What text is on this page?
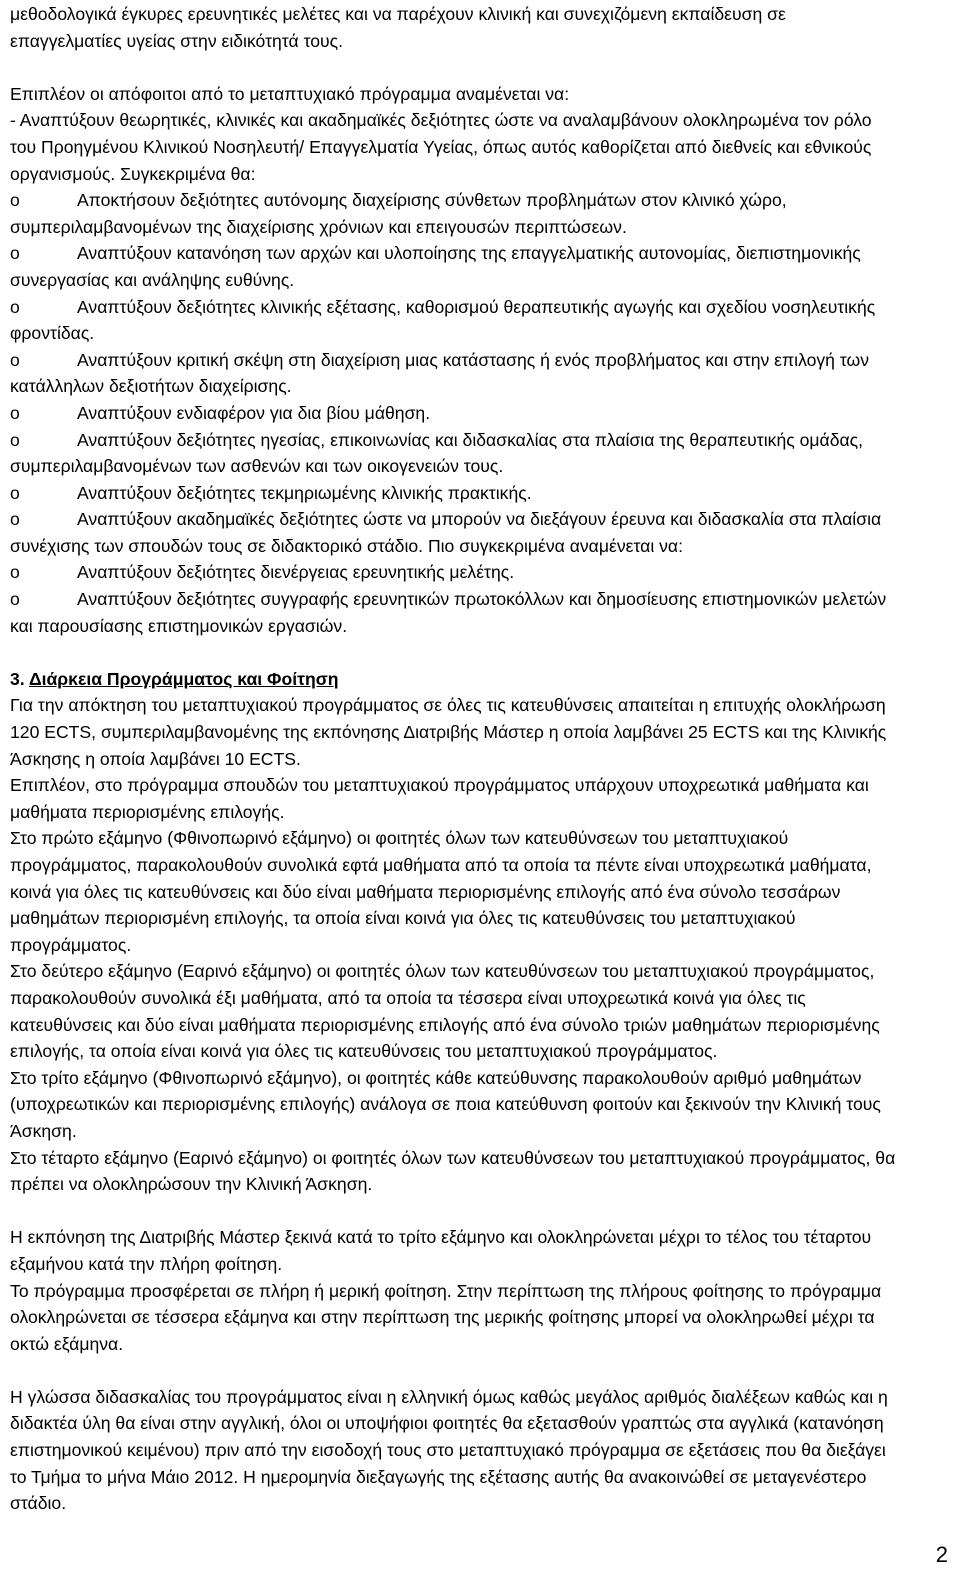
μεθοδολογικά έγκυρες ερευνητικές μελέτες και να παρέχουν κλινική και συνεχιζόμενη εκπαίδευση σε
επαγγελματίες υγείας στην ειδικότητά τους.
Επιπλέον οι απόφοιτοι από το μεταπτυχιακό πρόγραμμα αναμένεται να:
- Αναπτύξουν θεωρητικές, κλινικές και ακαδημαϊκές δεξιότητες ώστε να αναλαμβάνουν ολοκληρωμένα τον ρόλο
του Προηγμένου Κλινικού Νοσηλευτή/ Επαγγελματία Υγείας, όπως αυτός καθορίζεται από διεθνείς και εθνικούς
οργανισμούς. Συγκεκριμένα θα:
o	Αποκτήσουν δεξιότητες αυτόνομης διαχείρισης σύνθετων προβλημάτων στον κλινικό χώρο,
συμπεριλαμβανομένων της διαχείρισης χρόνιων και επειγουσών περιπτώσεων.
o	Αναπτύξουν κατανόηση των αρχών και υλοποίησης της επαγγελματικής αυτονομίας, διεπιστημονικής
συνεργασίας και ανάληψης ευθύνης.
o	Αναπτύξουν δεξιότητες κλινικής εξέτασης, καθορισμού θεραπευτικής αγωγής και σχεδίου νοσηλευτικής
φροντίδας.
o	Αναπτύξουν κριτική σκέψη στη διαχείριση μιας κατάστασης ή ενός προβλήματος και στην επιλογή των
κατάλληλων δεξιοτήτων διαχείρισης.
o	Αναπτύξουν ενδιαφέρον για δια βίου μάθηση.
o	Αναπτύξουν δεξιότητες ηγεσίας, επικοινωνίας και διδασκαλίας στα πλαίσια της θεραπευτικής ομάδας,
συμπεριλαμβανομένων των ασθενών και των οικογενειών τους.
o	Αναπτύξουν δεξιότητες τεκμηριωμένης κλινικής πρακτικής.
o	Αναπτύξουν ακαδημαϊκές δεξιότητες ώστε να μπορούν να διεξάγουν έρευνα και διδασκαλία στα πλαίσια
συνέχισης των σπουδών τους σε διδακτορικό στάδιο. Πιο συγκεκριμένα αναμένεται να:
o	Αναπτύξουν δεξιότητες διενέργειας ερευνητικής μελέτης.
o	Αναπτύξουν δεξιότητες συγγραφής ερευνητικών πρωτοκόλλων και δημοσίευσης επιστημονικών μελετών
και παρουσίασης επιστημονικών εργασιών.
3. Διάρκεια Προγράμματος και Φοίτηση
Για την απόκτηση του μεταπτυχιακού προγράμματος σε όλες τις κατευθύνσεις απαιτείται η επιτυχής ολοκλήρωση
120 ECTS, συμπεριλαμβανομένης της εκπόνησης Διατριβής Μάστερ η οποία λαμβάνει 25 ECTS και της Κλινικής
Άσκησης η οποία λαμβάνει 10 ECTS.
Επιπλέον, στο πρόγραμμα σπουδών του μεταπτυχιακού προγράμματος υπάρχουν υποχρεωτικά μαθήματα και
μαθήματα περιορισμένης επιλογής.
Στο πρώτο εξάμηνο (Φθινοπωρινό εξάμηνο) οι φοιτητές όλων των κατευθύνσεων του μεταπτυχιακού
προγράμματος, παρακολουθούν συνολικά εφτά μαθήματα από τα οποία τα πέντε είναι υποχρεωτικά μαθήματα,
κοινά για όλες τις κατευθύνσεις και δύο είναι μαθήματα περιορισμένης επιλογής από ένα σύνολο τεσσάρων
μαθημάτων περιορισμένη επιλογής, τα οποία είναι κοινά για όλες τις κατευθύνσεις του μεταπτυχιακού
προγράμματος.
Στο δεύτερο εξάμηνο (Εαρινό εξάμηνο) οι φοιτητές όλων των κατευθύνσεων του μεταπτυχιακού προγράμματος,
παρακολουθούν συνολικά έξι μαθήματα, από τα οποία τα τέσσερα είναι υποχρεωτικά κοινά για όλες τις
κατευθύνσεις και δύο είναι μαθήματα περιορισμένης επιλογής από ένα σύνολο τριών μαθημάτων περιορισμένης
επιλογής, τα οποία είναι κοινά για όλες τις κατευθύνσεις του μεταπτυχιακού προγράμματος.
Στο τρίτο εξάμηνο (Φθινοπωρινό εξάμηνο), οι φοιτητές κάθε κατεύθυνσης παρακολουθούν αριθμό μαθημάτων
(υποχρεωτικών και περιορισμένης επιλογής) ανάλογα σε ποια κατεύθυνση φοιτούν και ξεκινούν την Κλινική τους
Άσκηση.
Στο τέταρτο εξάμηνο (Εαρινό εξάμηνο) οι φοιτητές όλων των κατευθύνσεων του μεταπτυχιακού προγράμματος, θα
πρέπει να ολοκληρώσουν την Κλινική Άσκηση.
Η εκπόνηση της Διατριβής Μάστερ ξεκινά κατά το τρίτο εξάμηνο και ολοκληρώνεται μέχρι το τέλος του τέταρτου
εξαμήνου κατά την πλήρη φοίτηση.
Το πρόγραμμα προσφέρεται σε πλήρη ή μερική φοίτηση. Στην περίπτωση της πλήρους φοίτησης το πρόγραμμα
ολοκληρώνεται σε τέσσερα εξάμηνα και στην περίπτωση της μερικής φοίτησης μπορεί να ολοκληρωθεί μέχρι τα
οκτώ εξάμηνα.
Η γλώσσα διδασκαλίας του προγράμματος είναι η ελληνική όμως καθώς μεγάλος αριθμός διαλέξεων καθώς και η
διδακτέα ύλη θα είναι στην αγγλική, όλοι οι υποψήφιοι φοιτητές θα εξετασθούν γραπτώς στα αγγλικά (κατανόηση
επιστημονικού κειμένου) πριν από την εισοδοχή τους στο μεταπτυχιακό πρόγραμμα σε εξετάσεις που θα διεξάγει
το Τμήμα το μήνα Μάιο 2012. Η ημερομηνία διεξαγωγής της εξέτασης αυτής θα ανακοινώθεί σε μεταγενέστερο
στάδιο.
2
